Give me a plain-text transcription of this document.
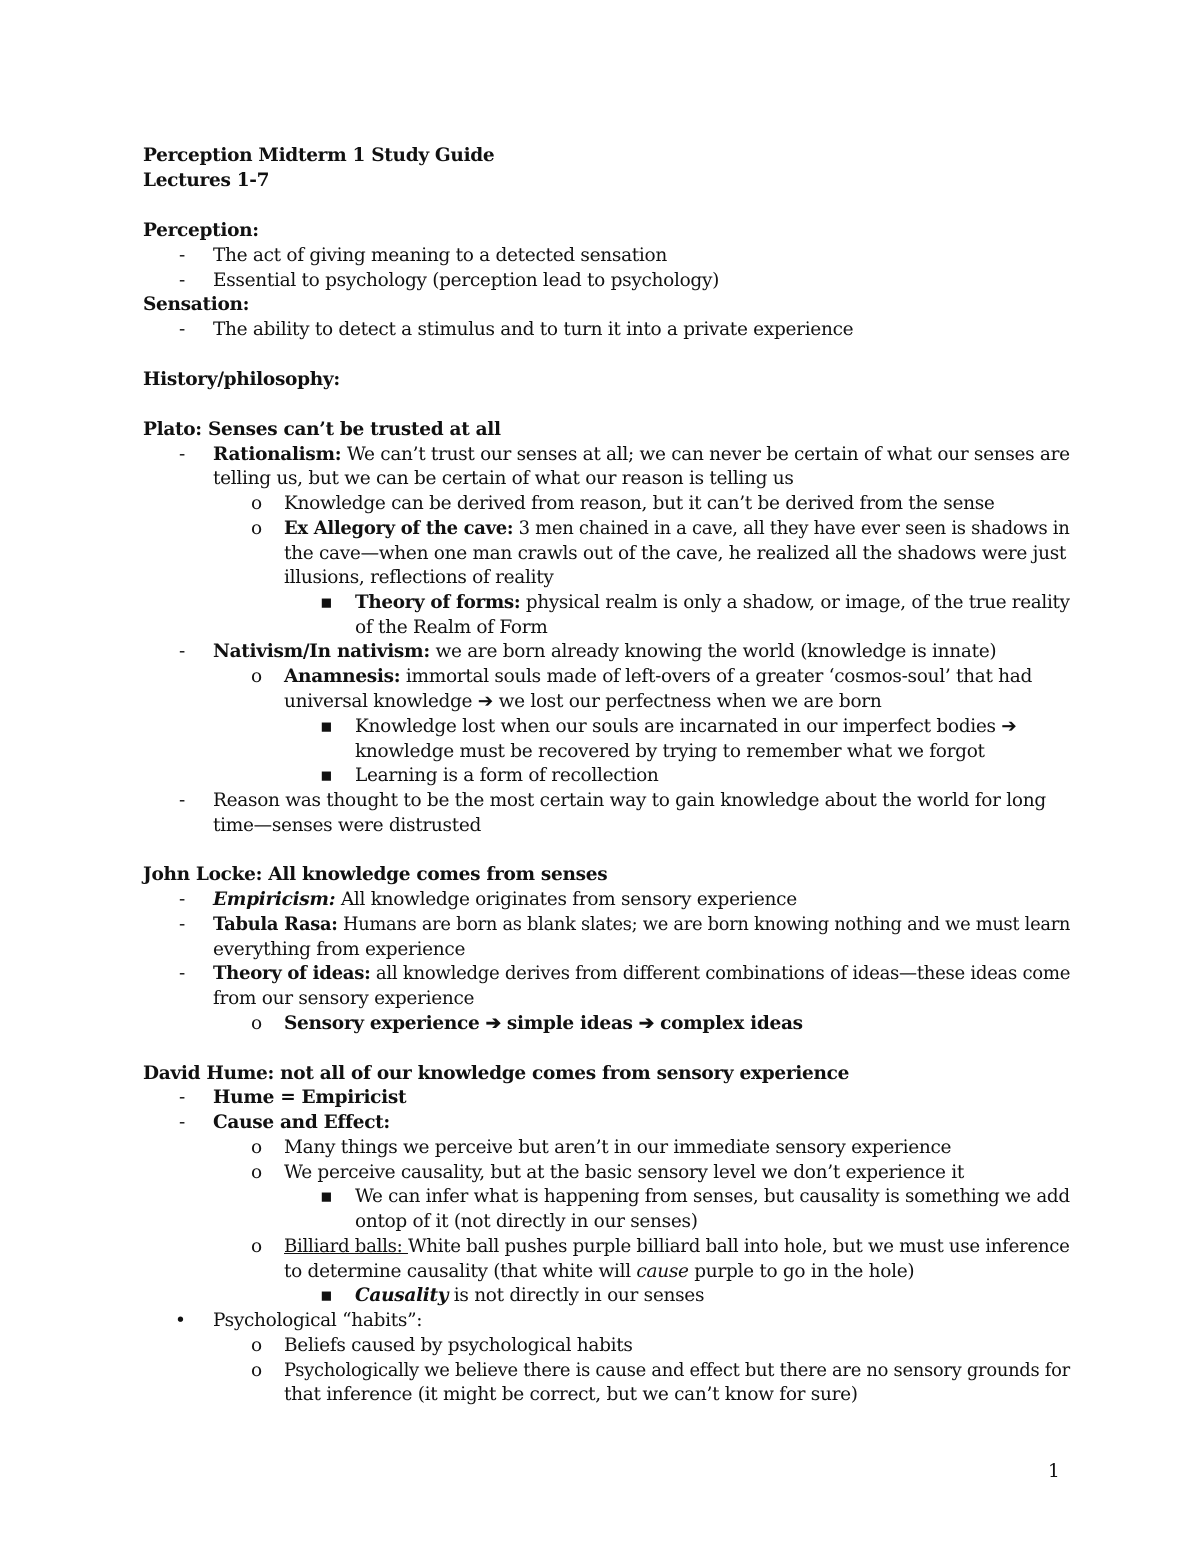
Perception Midterm 1 Study Guide
Lectures 1-7
Perception:
- The act of giving meaning to a detected sensation
- Essential to psychology (perception lead to psychology)
Sensation:
- The ability to detect a stimulus and to turn it into a private experience
History/philosophy:
Plato: Senses can’t be trusted at all
- Rationalism: We can’t trust our senses at all; we can never be certain of what our senses are
telling us, but we can be certain of what our reason is telling us
o Knowledge can be derived from reason, but it can’t be derived from the sense
o Ex Allegory of the cave: 3 men chained in a cave, all they have ever seen is shadows in
the cave—when one man crawls out of the cave, he realized all the shadows were just
illusions, reflections of reality
▪ Theory of forms: physical realm is only a shadow, or image, of the true reality
of the Realm of Form
- Nativism/In nativism: we are born already knowing the world (knowledge is innate)
o Anamnesis: immortal souls made of left-overs of a greater ‘cosmos-soul’ that had
universal knowledge ➔ we lost our perfectness when we are born
▪ Knowledge lost when our souls are incarnated in our imperfect bodies ➔
knowledge must be recovered by trying to remember what we forgot
▪ Learning is a form of recollection
- Reason was thought to be the most certain way to gain knowledge about the world for long
time—senses were distrusted
John Locke: All knowledge comes from senses
- Empiricism: All knowledge originates from sensory experience
- Tabula Rasa: Humans are born as blank slates; we are born knowing nothing and we must learn
everything from experience
- Theory of ideas: all knowledge derives from different combinations of ideas—these ideas come
from our sensory experience
o Sensory experience ➔ simple ideas ➔ complex ideas
David Hume: not all of our knowledge comes from sensory experience
- Hume = Empiricist
- Cause and Effect:
o Many things we perceive but aren’t in our immediate sensory experience
o We perceive causality, but at the basic sensory level we don’t experience it
▪ We can infer what is happening from senses, but causality is something we add
ontop of it (not directly in our senses)
o Billiard balls: White ball pushes purple billiard ball into hole, but we must use inference
to determine causality (that white will cause purple to go in the hole)
▪ Causality is not directly in our senses
• Psychological “habits”:
o Beliefs caused by psychological habits
o Psychologically we believe there is cause and effect but there are no sensory grounds for
that inference (it might be correct, but we can’t know for sure)
1
